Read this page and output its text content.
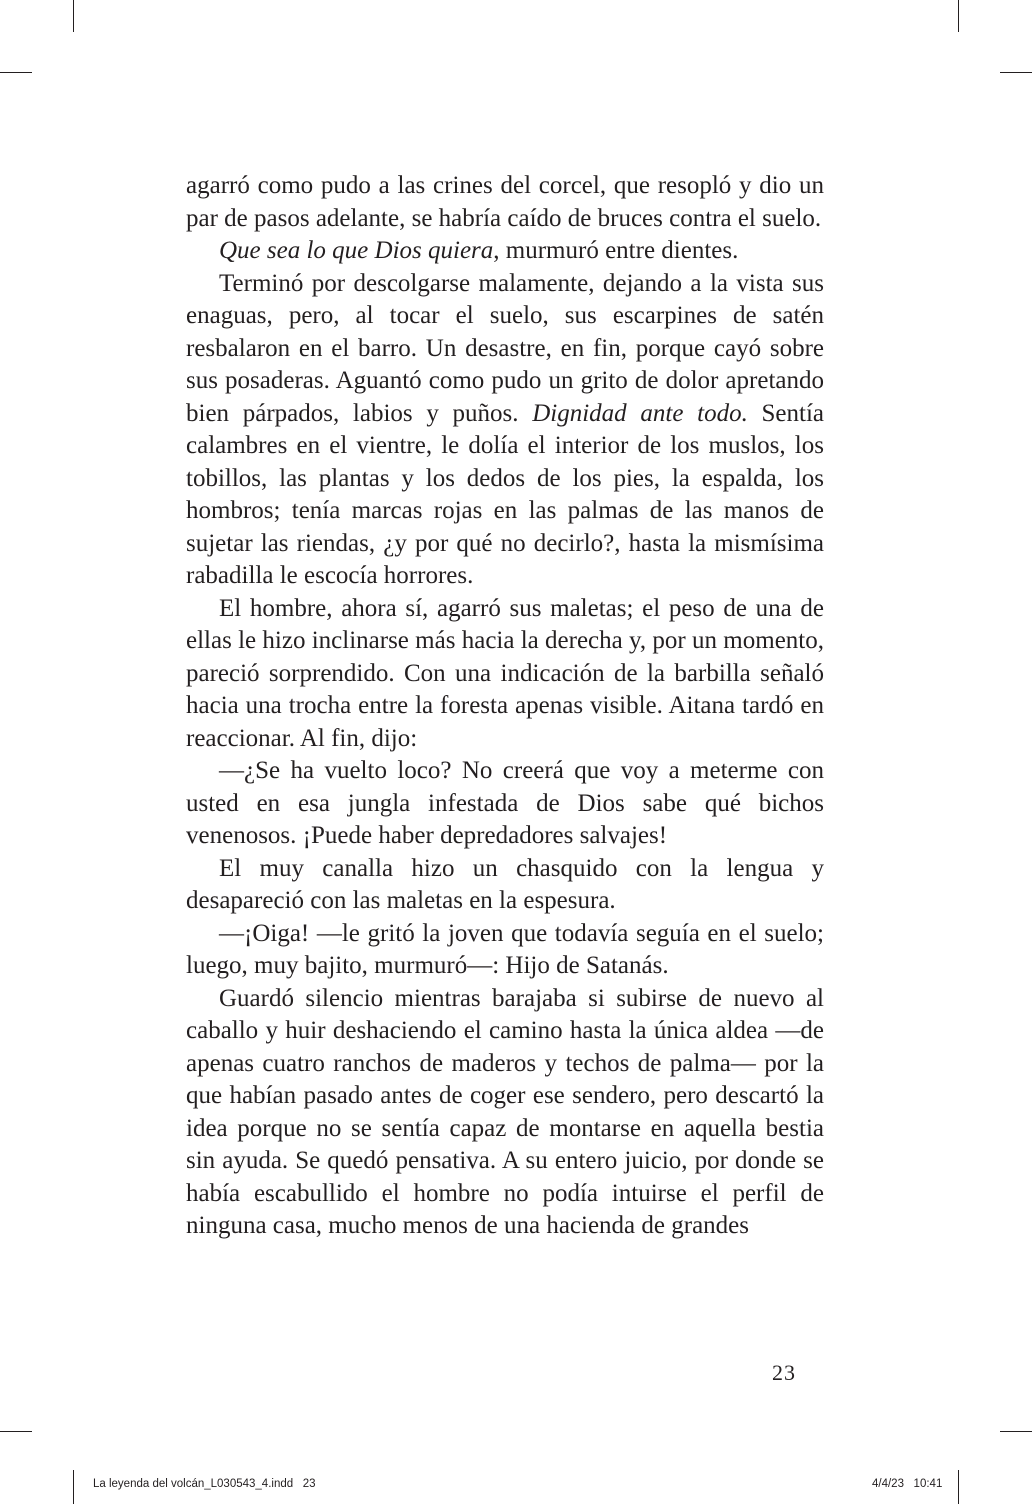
agarró como pudo a las crines del corcel, que resopló y dio un par de pasos adelante, se habría caído de bruces contra el suelo.

Que sea lo que Dios quiera, murmuró entre dientes.

Terminó por descolgarse malamente, dejando a la vista sus enaguas, pero, al tocar el suelo, sus escarpines de satén resbalaron en el barro. Un desastre, en fin, porque cayó sobre sus posaderas. Aguantó como pudo un grito de dolor apretando bien párpados, labios y puños. Dignidad ante todo. Sentía calambres en el vientre, le dolía el interior de los muslos, los tobillos, las plantas y los dedos de los pies, la espalda, los hombros; tenía marcas rojas en las palmas de las manos de sujetar las riendas, ¿y por qué no decirlo?, hasta la mismísima rabadilla le escocía horrores.

El hombre, ahora sí, agarró sus maletas; el peso de una de ellas le hizo inclinarse más hacia la derecha y, por un momento, pareció sorprendido. Con una indicación de la barbilla señaló hacia una trocha entre la foresta apenas visible. Aitana tardó en reaccionar. Al fin, dijo:

—¿Se ha vuelto loco? No creerá que voy a meterme con usted en esa jungla infestada de Dios sabe qué bichos venenosos. ¡Puede haber depredadores salvajes!

El muy canalla hizo un chasquido con la lengua y desapareció con las maletas en la espesura.

—¡Oiga! —le gritó la joven que todavía seguía en el suelo; luego, muy bajito, murmuró—: Hijo de Satanás.

Guardó silencio mientras barajaba si subirse de nuevo al caballo y huir deshaciendo el camino hasta la única aldea —de apenas cuatro ranchos de maderos y techos de palma— por la que habían pasado antes de coger ese sendero, pero descartó la idea porque no se sentía capaz de montarse en aquella bestia sin ayuda. Se quedó pensativa. A su entero juicio, por donde se había escabullido el hombre no podía intuirse el perfil de ninguna casa, mucho menos de una hacienda de grandes

23
La leyenda del volcán_L030543_4.indd   23	4/4/23   10:41
